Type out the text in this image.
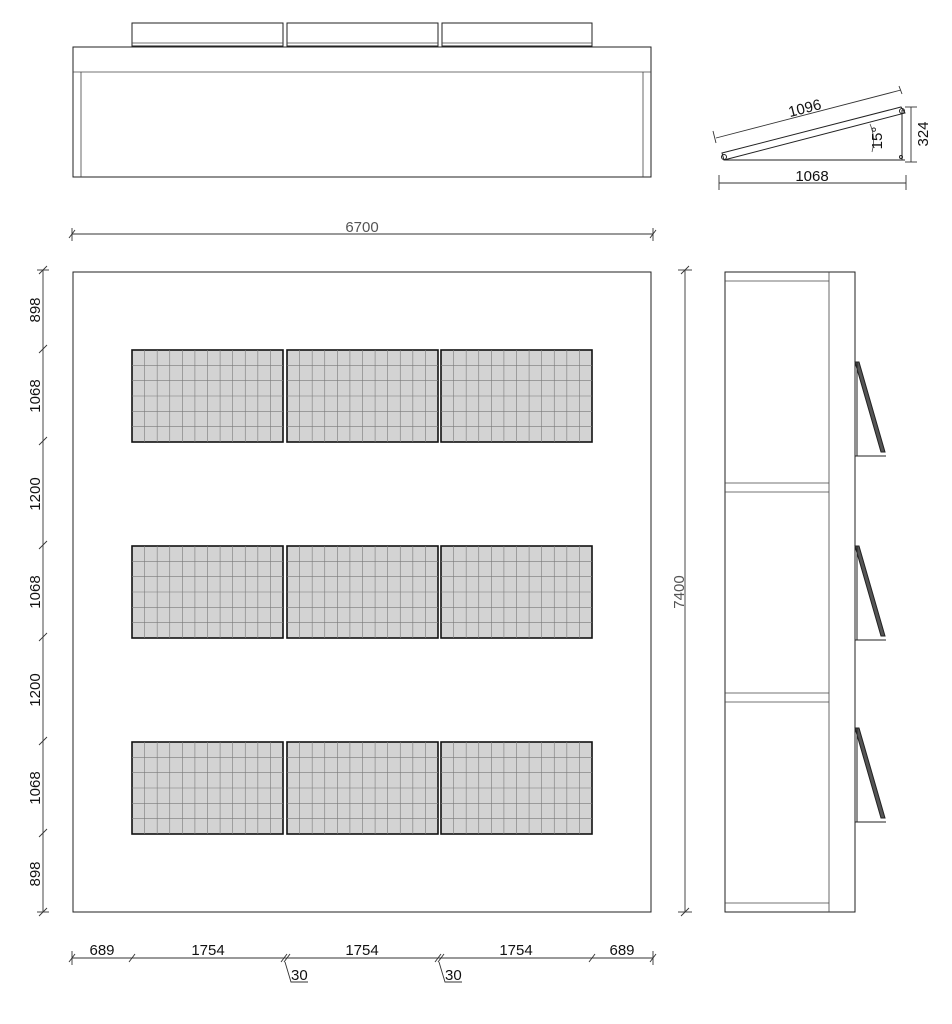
1096
15° 324
1068
6700
7400
898
1068
1200
1068
1200
1068
898
689	1754	1754	1754	689
30	30
